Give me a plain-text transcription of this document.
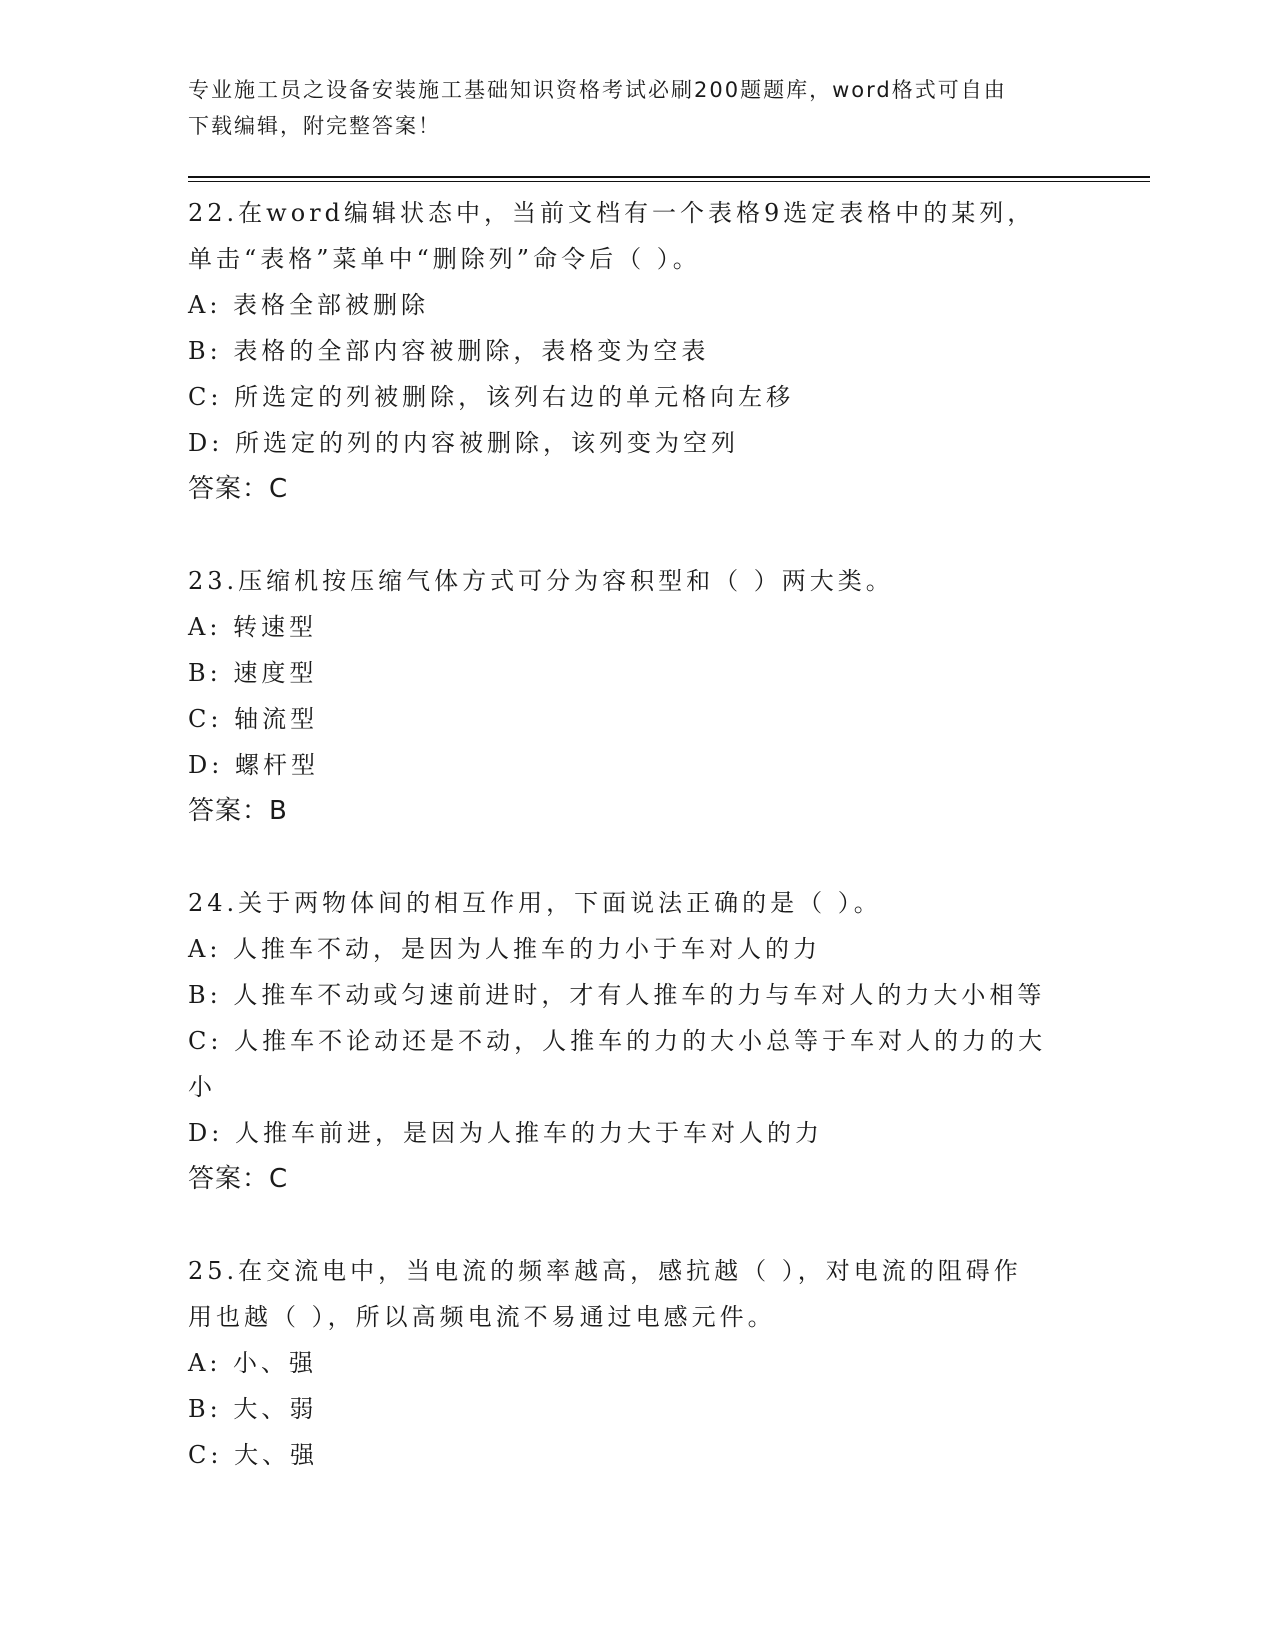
专业施工员之设备安装施工基础知识资格考试必刷200题题库，word格式可自由
下载编辑，附完整答案！
22.在word编辑状态中，当前文档有一个表格9选定表格中的某列，
单击“表格”菜单中“删除列”命令后（ ）。
A: 表格全部被删除
B: 表格的全部内容被删除，表格变为空表
C: 所选定的列被删除，该列右边的单元格向左移
D: 所选定的列的内容被删除，该列变为空列
答案：C
23.压缩机按压缩气体方式可分为容积型和（ ）两大类。
A: 转速型
B: 速度型
C: 轴流型
D: 螺杆型
答案：B
24.关于两物体间的相互作用，下面说法正确的是（ ）。
A: 人推车不动，是因为人推车的力小于车对人的力
B: 人推车不动或匀速前进时，才有人推车的力与车对人的力大小相等
C: 人推车不论动还是不动，人推车的力的大小总等于车对人的力的大
小
D: 人推车前进，是因为人推车的力大于车对人的力
答案：C
25.在交流电中，当电流的频率越高，感抗越（ ），对电流的阻碍作
用也越（ ），所以高频电流不易通过电感元件。
A: 小、强
B: 大、弱
C: 大、强
